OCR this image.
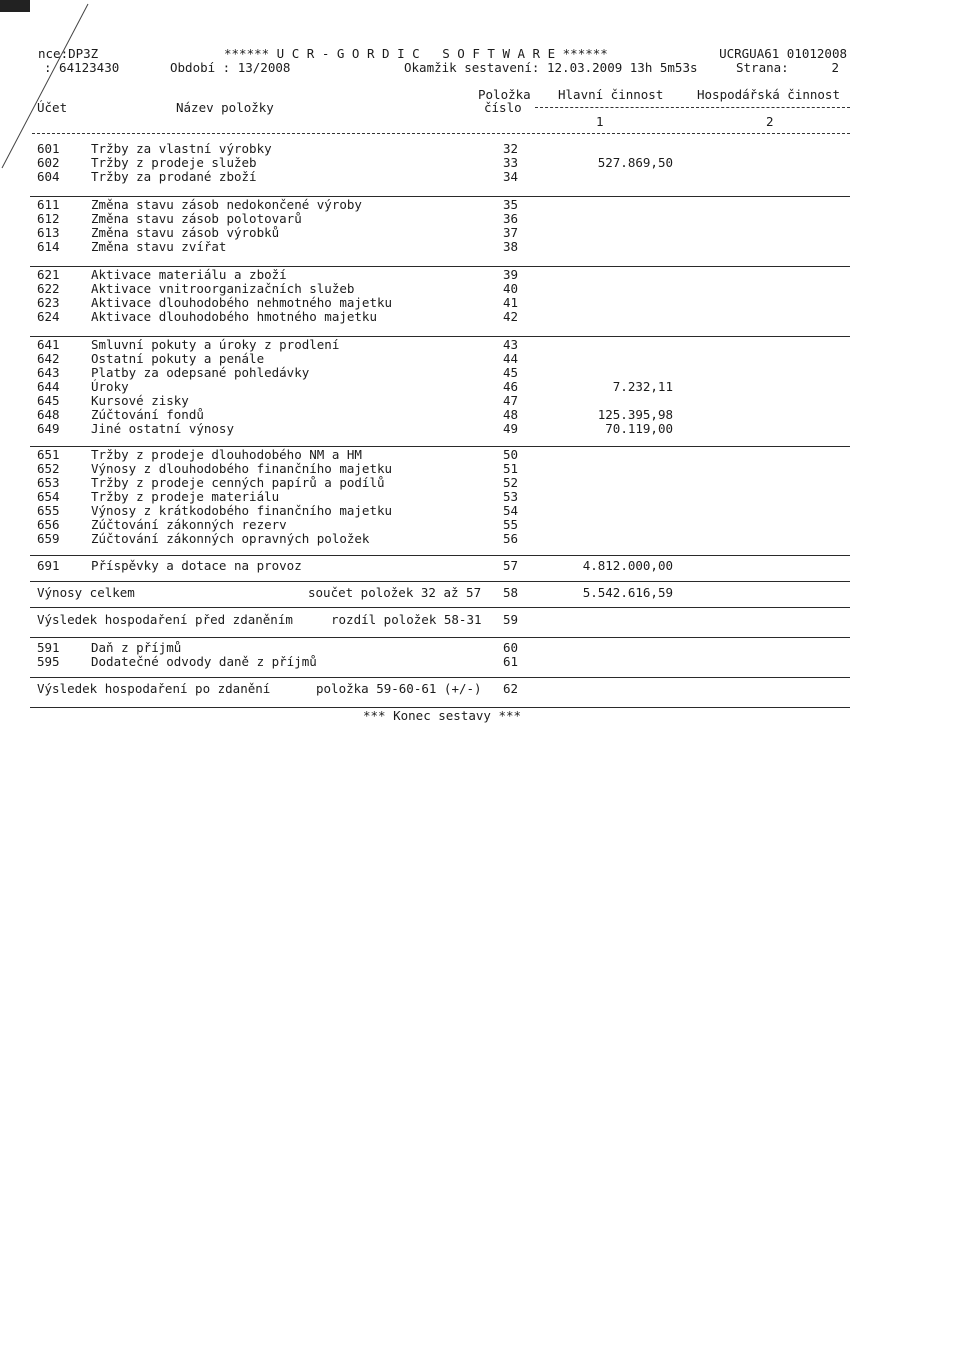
nce:DP3Z	****** U C R - G O R D I C   S O F T W A R E ******	UCRGUA61 01012008
: 64123430	Období : 13/2008	Okamžik sestavení: 12.03.2009 13h 5m53s	Strana:	2
Položka Hlavní činnost	Hospodářská činnost
Účet	Název položky	číslo
1	2
601	Tržby za vlastní výrobky	32
602	Tržby z prodeje služeb	33	527.869,50
604	Tržby za prodané zboží	34
611	Změna stavu zásob nedokončené výroby	35
612	Změna stavu zásob polotovarů	36
613	Změna stavu zásob výrobků	37
614	Změna stavu zvířat	38
621	Aktivace materiálu a zboží	39
622	Aktivace vnitroorganizačních služeb	40
623	Aktivace dlouhodobého nehmotného majetku	41
624	Aktivace dlouhodobého hmotného majetku	42
641	Smluvní pokuty a úroky z prodlení	43
642	Ostatní pokuty a penále	44
643	Platby za odepsané pohledávky	45
644	Úroky	46	7.232,11
645	Kursové zisky	47
648	Zúčtování fondů	48	125.395,98
649	Jiné ostatní výnosy	49	70.119,00
651	Tržby z prodeje dlouhodobého NM a HM	50
652	Výnosy z dlouhodobého finančního majetku	51
653	Tržby z prodeje cenných papírů a podílů	52
654	Tržby z prodeje materiálu	53
655	Výnosy z krátkodobého finančního majetku	54
656	Zúčtování zákonných rezerv	55
659	Zúčtování zákonných opravných položek	56
691	Příspěvky a dotace na provoz	57	4.812.000,00
Výnosy celkem	součet položek 32 až 57 58	5.542.616,59
Výsledek hospodaření před zdaněním	rozdíl položek 58-31 59
591	Daň z příjmů	60
595	Dodatečné odvody daně z příjmů	61
Výsledek hospodaření po zdanění	položka 59-60-61 (+/-) 62
*** Konec sestavy ***
